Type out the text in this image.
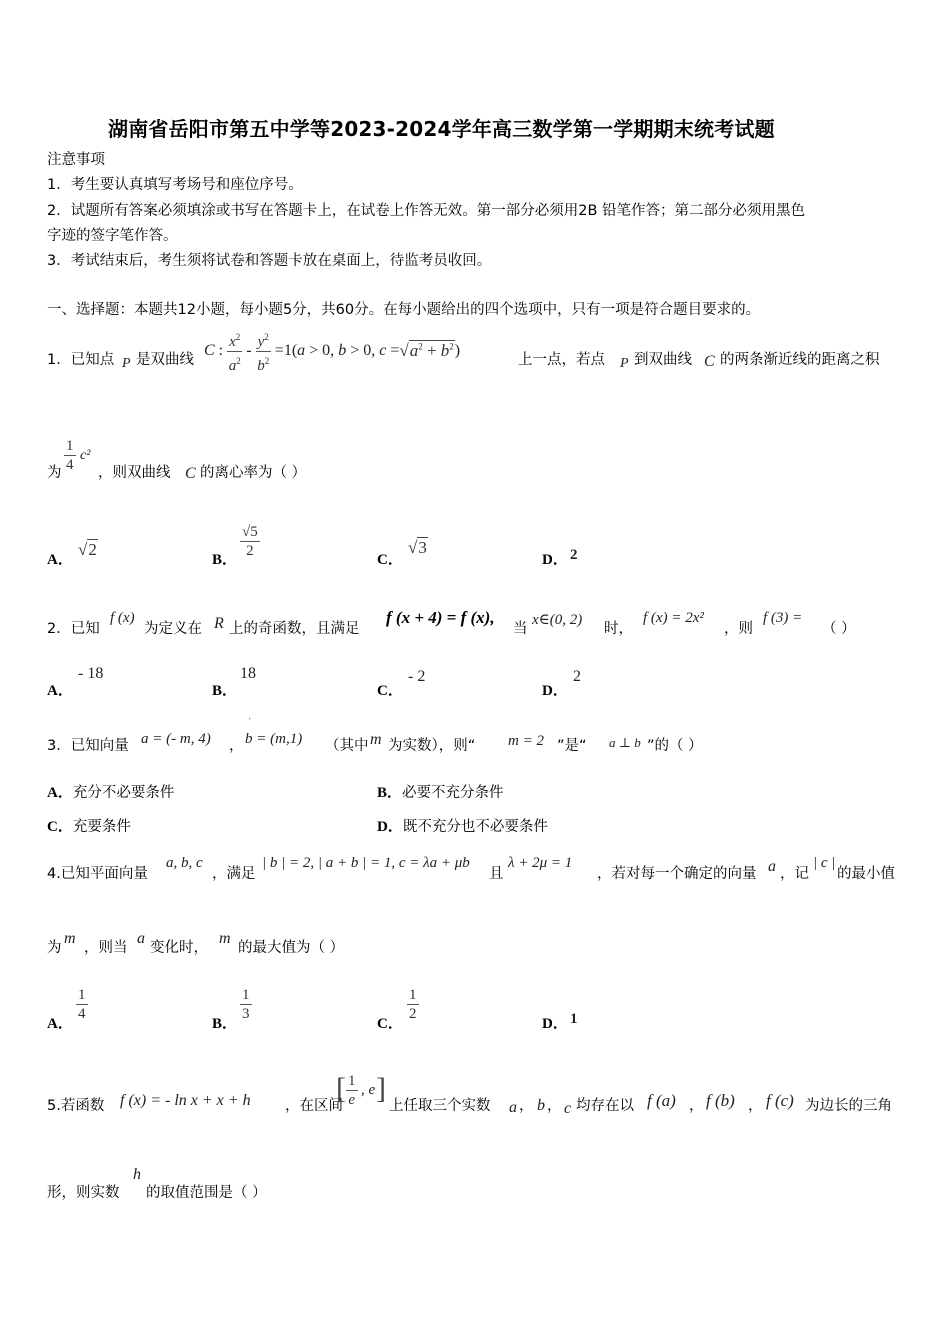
湖南省岳阳市第五中学等2023-2024学年高三数学第一学期期末统考试题
注意事项
1．考生要认真填写考场号和座位序号。
2．试题所有答案必须填涂或书写在答题卡上，在试卷上作答无效。第一部分必须用2B 铅笔作答；第二部分必须用黑色
字迹的签字笔作答。
3．考试结束后，考生须将试卷和答题卡放在桌面上，待监考员收回。
一、选择题：本题共12小题，每小题5分，共60分。在每小题给出的四个选项中，只有一项是符合题目要求的。
1．已知点 P 是双曲线
C : $\frac{x^2}{a^2} - \frac{y^2}{b^2} =1(a > 0$, b > 0, $c = √a^2 + b^2$ )
上一点，若点 P 到双曲线 C 的两条渐近线的距离之积
为 $\frac{1}{4} c^2$
，则双曲线 C 的离心率为（ ）
A．
√2
B． $\frac{√5}{2}$	C．
√3
D． 2
2．已知
f (x)
为定义在 R 上的奇函数，且满足
f (x + 4) = f (x),
当
x∈(0, 2)
时，
f (x) = 2x²
，则
f (3) =
（ ）
A．
- 18
B．
18
C．
- 2
D．
2
3．已知向量 a = (- m, 4) ，
ˈ
b = (m,1) （其中 m 为实数），则“ m = 2 ”是“ a ⊥ b ”的（ ）
A．充分不必要条件	B．必要不充分条件
C．充要条件	D．既不充分也不必要条件
4.已知平面向量
a, b, c
，满足
| b | = 2, | a + b | = 1, c = λa + μb
且
λ + 2μ = 1
，若对每一个确定的向量 a ，记
| c |
的最小值
为
m
，则当
a
变化时，
m
的最大值为（ ）
A．
$\frac{1}{4}$
B．
$\frac{1}{3}$
C．
$\frac{1}{2}$
D． 1
5.若函数 f (x) = - ln x + x + h ，在区间
[ $\frac{1}{e}$ , e ]
上任取三个实数 a ， b ， c 均存在以 f (a) ， f (b) ， f (c) 为边长的三角
形，则实数
h
的取值范围是（ ）
